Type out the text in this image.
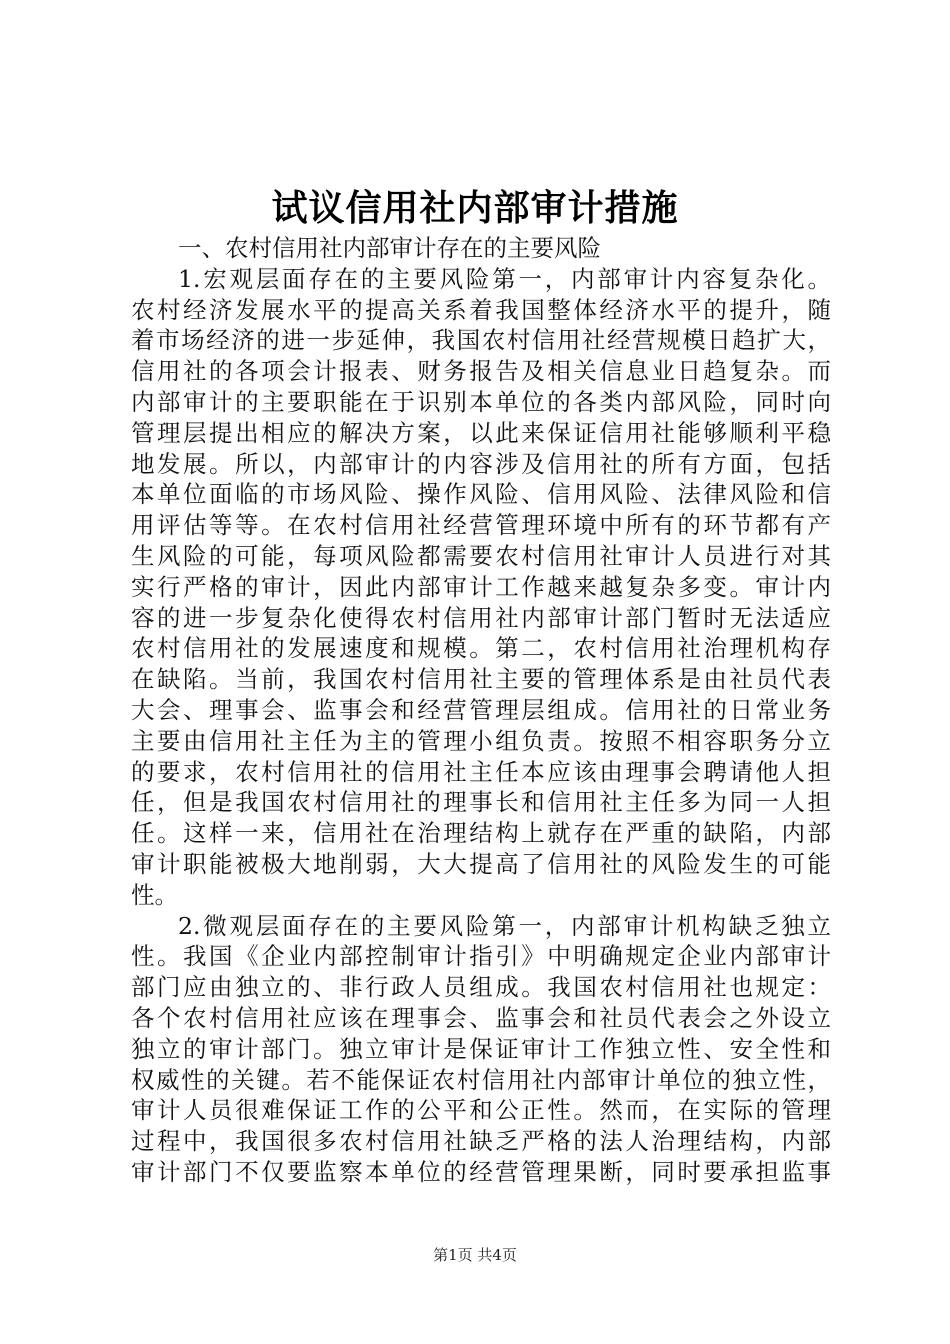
试议信用社内部审计措施
一、农村信用社内部审计存在的主要风险
1.宏观层面存在的主要风险第一，内部审计内容复杂化。
农村经济发展水平的提高关系着我国整体经济水平的提升，随
着市场经济的进一步延伸，我国农村信用社经营规模日趋扩大，
信用社的各项会计报表、财务报告及相关信息业日趋复杂。而
内部审计的主要职能在于识别本单位的各类内部风险，同时向
管理层提出相应的解决方案，以此来保证信用社能够顺利平稳
地发展。所以，内部审计的内容涉及信用社的所有方面，包括
本单位面临的市场风险、操作风险、信用风险、法律风险和信
用评估等等。在农村信用社经营管理环境中所有的环节都有产
生风险的可能，每项风险都需要农村信用社审计人员进行对其
实行严格的审计，因此内部审计工作越来越复杂多变。审计内
容的进一步复杂化使得农村信用社内部审计部门暂时无法适应
农村信用社的发展速度和规模。第二，农村信用社治理机构存
在缺陷。当前，我国农村信用社主要的管理体系是由社员代表
大会、理事会、监事会和经营管理层组成。信用社的日常业务
主要由信用社主任为主的管理小组负责。按照不相容职务分立
的要求，农村信用社的信用社主任本应该由理事会聘请他人担
任，但是我国农村信用社的理事长和信用社主任多为同一人担
任。这样一来，信用社在治理结构上就存在严重的缺陷，内部
审计职能被极大地削弱，大大提高了信用社的风险发生的可能
性。
2.微观层面存在的主要风险第一，内部审计机构缺乏独立
性。我国《企业内部控制审计指引》中明确规定企业内部审计
部门应由独立的、非行政人员组成。我国农村信用社也规定：
各个农村信用社应该在理事会、监事会和社员代表会之外设立
独立的审计部门。独立审计是保证审计工作独立性、安全性和
权威性的关键。若不能保证农村信用社内部审计单位的独立性，
审计人员很难保证工作的公平和公正性。然而，在实际的管理
过程中，我国很多农村信用社缺乏严格的法人治理结构，内部
审计部门不仅要监察本单位的经营管理果断，同时要承担监事
第1页 共4页
